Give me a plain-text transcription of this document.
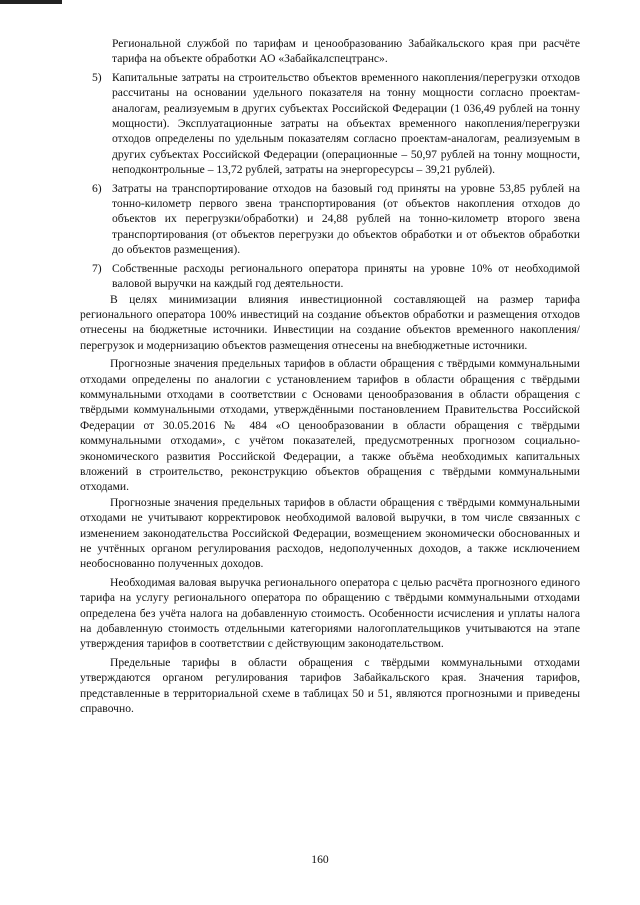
Региональной службой по тарифам и ценообразованию Забайкальского края при расчёте тарифа на объекте обработки АО «Забайкалспецтранс».

5) Капитальные затраты на строительство объектов временного накопления/перегрузки отходов рассчитаны на основании удельного показателя на тонну мощности согласно проектам-аналогам, реализуемым в других субъектах Российской Федерации (1 036,49 рублей на тонну мощности). Эксплуатационные затраты на объектах временного накопления/перегрузки отходов определены по удельным показателям согласно проектам-аналогам, реализуемым в других субъектах Российской Федерации (операционные – 50,97 рублей на тонну мощности, неподконтрольные – 13,72 рублей, затраты на энергоресурсы – 39,21 рублей).

6) Затраты на транспортирование отходов на базовый год приняты на уровне 53,85 рублей на тонно-километр первого звена транспортирования (от объектов накопления отходов до объектов их перегрузки/обработки) и 24,88 рублей на тонно-километр второго звена транспортирования (от объектов перегрузки до объектов обработки и от объектов обработки до объектов размещения).

7) Собственные расходы регионального оператора приняты на уровне 10% от необходимой валовой выручки на каждый год деятельности.

В целях минимизации влияния инвестиционной составляющей на размер тарифа регионального оператора 100% инвестиций на создание объектов обработки и размещения отходов отнесены на бюджетные источники. Инвестиции на создание объектов временного накопления/перегрузок и модернизацию объектов размещения отнесены на внебюджетные источники.

Прогнозные значения предельных тарифов в области обращения с твёрдыми коммунальными отходами определены по аналогии с установлением тарифов в области обращения с твёрдыми коммунальными отходами в соответствии с Основами ценообразования в области обращения с твёрдыми коммунальными отходами, утверждёнными постановлением Правительства Российской Федерации от 30.05.2016 № 484 «О ценообразовании в области обращения с твёрдыми коммунальными отходами», с учётом показателей, предусмотренных прогнозом социально-экономического развития Российской Федерации, а также объёма необходимых капитальных вложений в строительство, реконструкцию объектов обращения с твёрдыми коммунальными отходами.

Прогнозные значения предельных тарифов в области обращения с твёрдыми коммунальными отходами не учитывают корректировок необходимой валовой выручки, в том числе связанных с изменением законодательства Российской Федерации, возмещением экономически обоснованных и не учтённых органом регулирования расходов, недополученных доходов, а также исключением необоснованно полученных доходов.

Необходимая валовая выручка регионального оператора с целью расчёта прогнозного единого тарифа на услугу регионального оператора по обращению с твёрдыми коммунальными отходами определена без учёта налога на добавленную стоимость. Особенности исчисления и уплаты налога на добавленную стоимость отдельными категориями налогоплательщиков учитываются на этапе утверждения тарифов в соответствии с действующим законодательством.

Предельные тарифы в области обращения с твёрдыми коммунальными отходами утверждаются органом регулирования тарифов Забайкальского края. Значения тарифов, представленные в территориальной схеме в таблицах 50 и 51, являются прогнозными и приведены справочно.

160
